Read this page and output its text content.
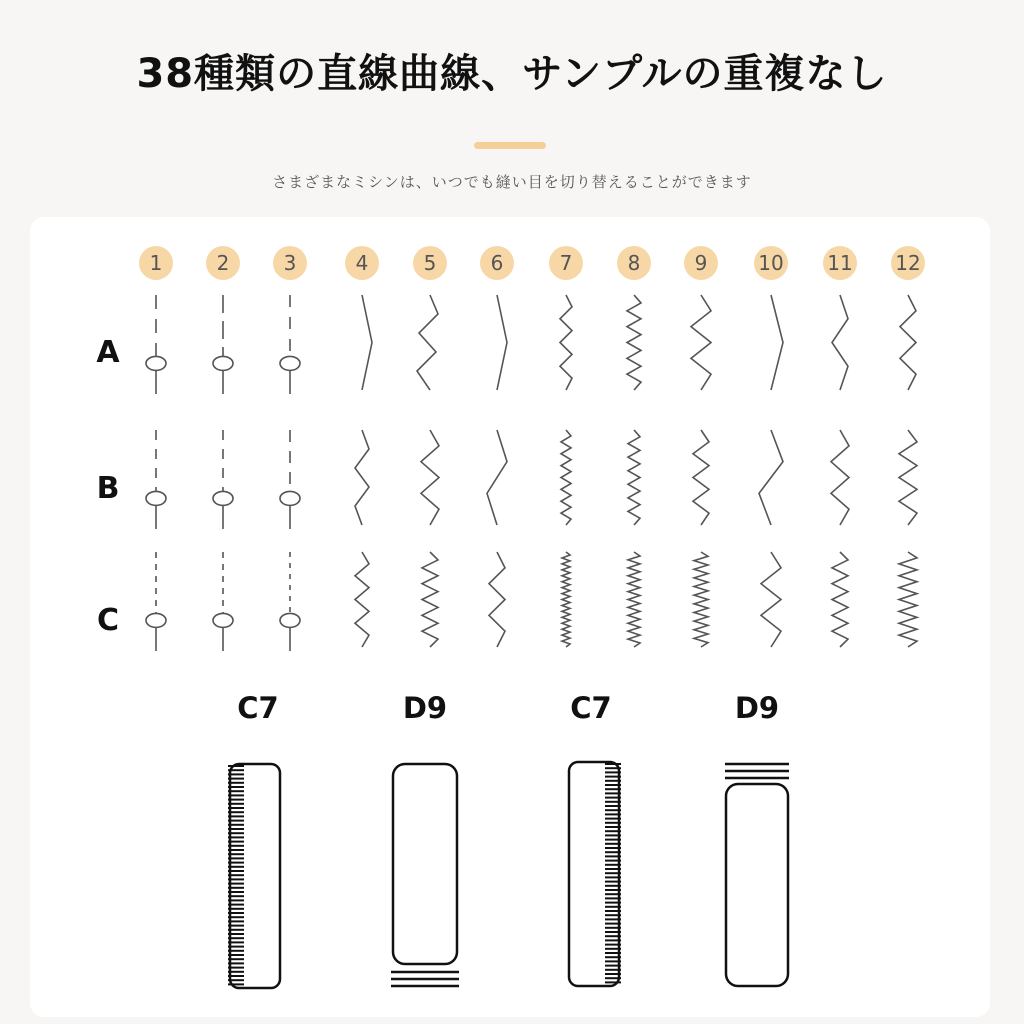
38種類の直線曲線、サンプルの重複なし
さまざまなミシンは、いつでも縫い目を切り替えることができます
1	2	3	4	5	6	7	8	9	10 11 12
A
B
C
C7	D9	C7	D9
